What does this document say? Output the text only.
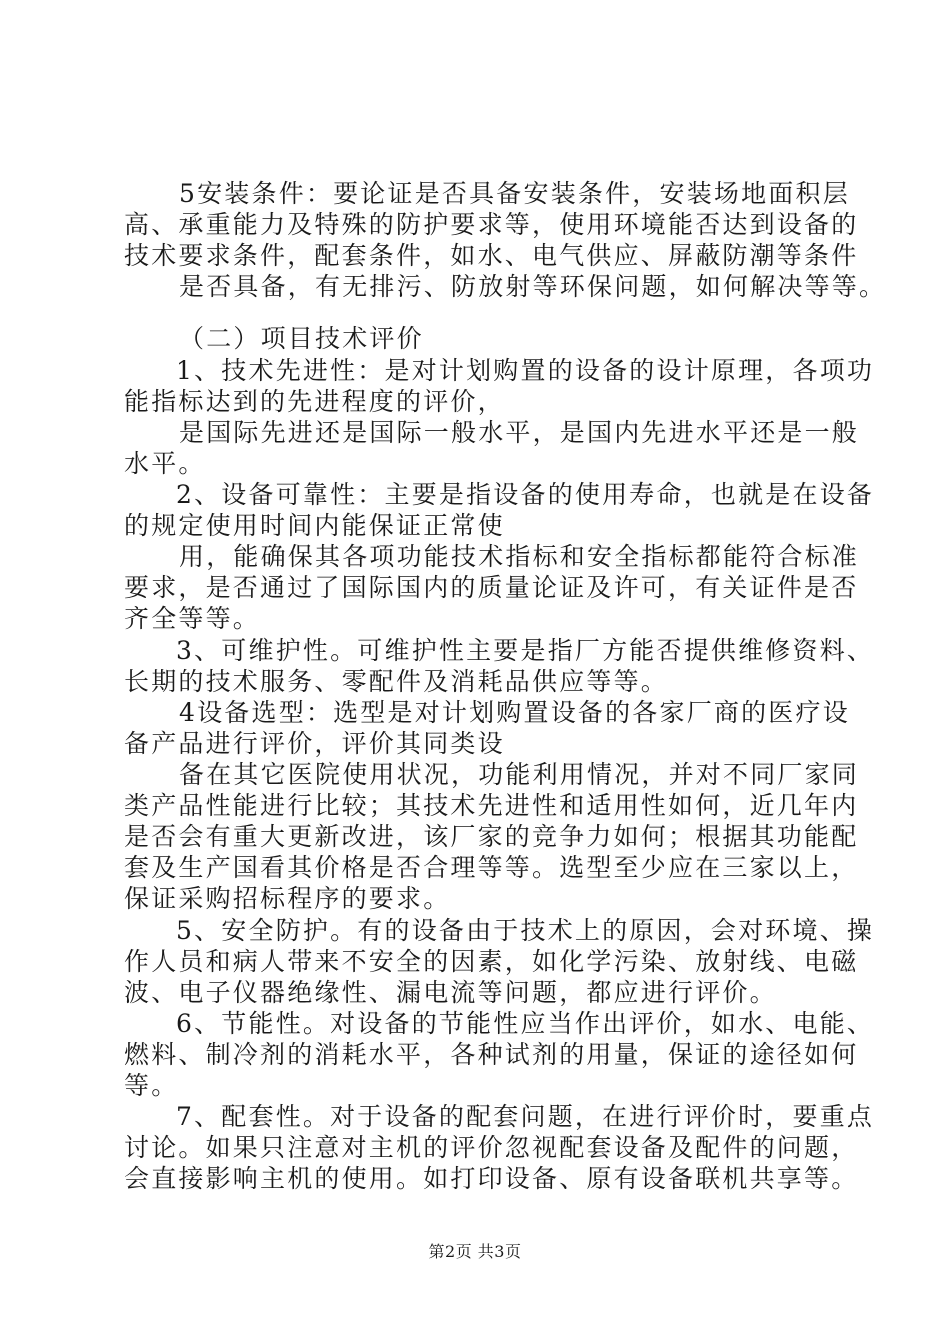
5安装条件：要论证是否具备安装条件，安装场地面积层
高、承重能力及特殊的防护要求等，使用环境能否达到设备的
技术要求条件，配套条件，如水、电气供应、屏蔽防潮等条件
是否具备，有无排污、防放射等环保问题，如何解决等等。
（二）项目技术评价
1、技术先进性：是对计划购置的设备的设计原理，各项功
能指标达到的先进程度的评价，
是国际先进还是国际一般水平，是国内先进水平还是一般
水平。
2、设备可靠性：主要是指设备的使用寿命，也就是在设备
的规定使用时间内能保证正常使
用，能确保其各项功能技术指标和安全指标都能符合标准
要求，是否通过了国际国内的质量论证及许可，有关证件是否
齐全等等。
3、可维护性。可维护性主要是指厂方能否提供维修资料、
长期的技术服务、零配件及消耗品供应等等。
4设备选型：选型是对计划购置设备的各家厂商的医疗设
备产品进行评价，评价其同类设
备在其它医院使用状况，功能利用情况，并对不同厂家同
类产品性能进行比较；其技术先进性和适用性如何，近几年内
是否会有重大更新改进，该厂家的竞争力如何；根据其功能配
套及生产国看其价格是否合理等等。选型至少应在三家以上，
保证采购招标程序的要求。
5、安全防护。有的设备由于技术上的原因，会对环境、操
作人员和病人带来不安全的因素，如化学污染、放射线、电磁
波、电子仪器绝缘性、漏电流等问题，都应进行评价。
6、节能性。对设备的节能性应当作出评价，如水、电能、
燃料、制冷剂的消耗水平，各种试剂的用量，保证的途径如何
等。
7、配套性。对于设备的配套问题，在进行评价时，要重点
讨论。如果只注意对主机的评价忽视配套设备及配件的问题，
会直接影响主机的使用。如打印设备、原有设备联机共享等。
第2页 共3页
